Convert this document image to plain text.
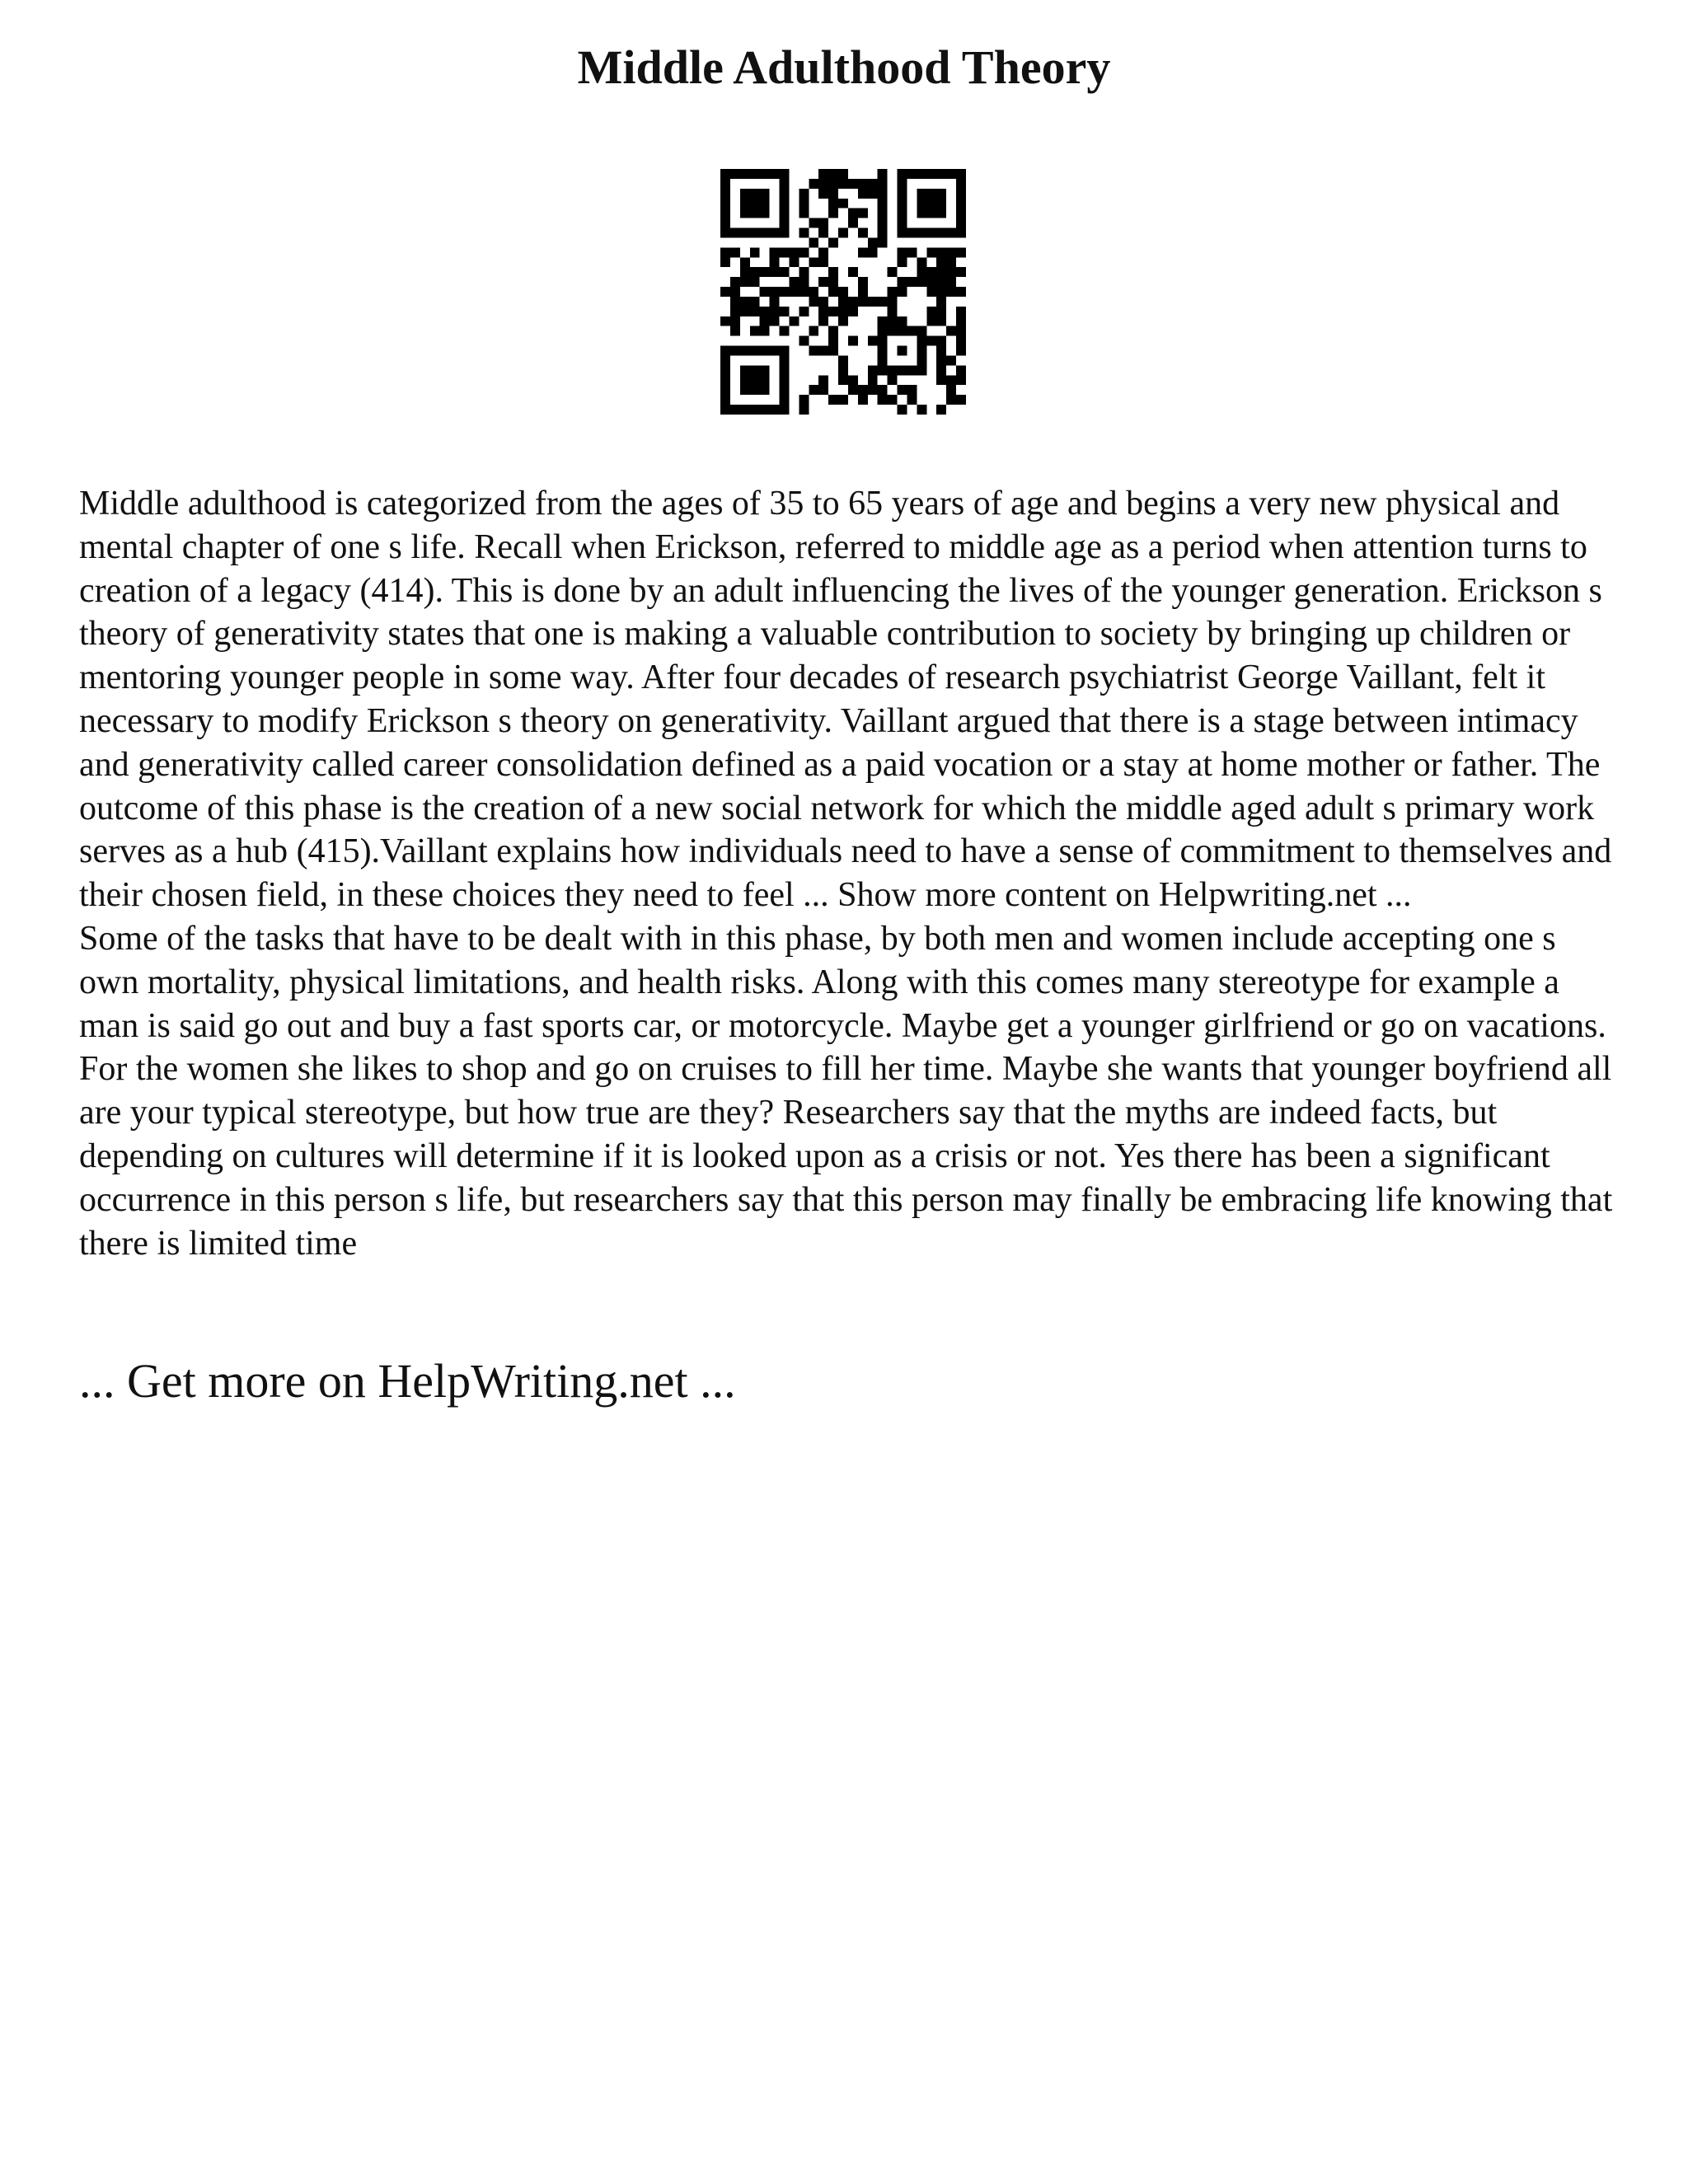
Middle Adulthood Theory

Middle adulthood is categorized from the ages of 35 to 65 years of age and begins a very new physical and mental chapter of one s life. Recall when Erickson, referred to middle age as a period when attention turns to creation of a legacy (414). This is done by an adult influencing the lives of the younger generation. Erickson s theory of generativity states that one is making a valuable contribution to society by bringing up children or mentoring younger people in some way. After four decades of research psychiatrist George Vaillant, felt it necessary to modify Erickson s theory on generativity. Vaillant argued that there is a stage between intimacy and generativity called career consolidation defined as a paid vocation or a stay at home mother or father. The outcome of this phase is the creation of a new social network for which the middle aged adult s primary work serves as a hub (415).Vaillant explains how individuals need to have a sense of commitment to themselves and their chosen field, in these choices they need to feel ... Show more content on Helpwriting.net ...

Some of the tasks that have to be dealt with in this phase, by both men and women include accepting one s own mortality, physical limitations, and health risks. Along with this comes many stereotype for example a man is said go out and buy a fast sports car, or motorcycle. Maybe get a younger girlfriend or go on vacations. For the women she likes to shop and go on cruises to fill her time. Maybe she wants that younger boyfriend all are your typical stereotype, but how true are they? Researchers say that the myths are indeed facts, but depending on cultures will determine if it is looked upon as a crisis or not. Yes there has been a significant occurrence in this person s life, but researchers say that this person may finally be embracing life knowing that there is limited time

... Get more on HelpWriting.net ...
